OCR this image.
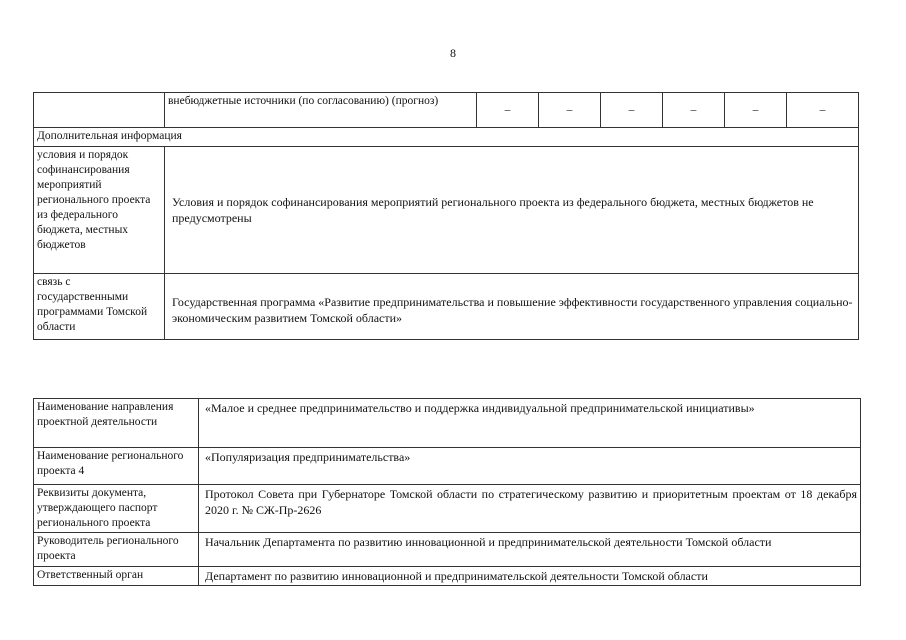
8
	внебюджетные источники (по согласованию) (прогноз)	–	–	–	–	–	–
Дополнительная информация							
условия и порядок софинансирования мероприятий регионального проекта из федерального бюджета, местных бюджетов	Условия и порядок софинансирования мероприятий регионального проекта из федерального бюджета, местных бюджетов не предусмотрены						
связь с государственными программами Томской области	Государственная программа «Развитие предпринимательства и повышение эффективности государственного управления социально-экономическим развитием Томской области»						
Наименование направления проектной деятельности	«Малое и среднее предпринимательство и поддержка индивидуальной предпринимательской инициативы»
Наименование регионального проекта 4	«Популяризация предпринимательства»
Реквизиты документа, утверждающего паспорт регионального проекта	Протокол Совета при Губернаторе Томской области по стратегическому развитию и приоритетным проектам от 18 декабря 2020 г. № СЖ-Пр-2626
Руководитель регионального проекта	Начальник Департамента по развитию инновационной и предпринимательской деятельности Томской области
Ответственный орган	Департамент по развитию инновационной и предпринимательской деятельности Томской области
